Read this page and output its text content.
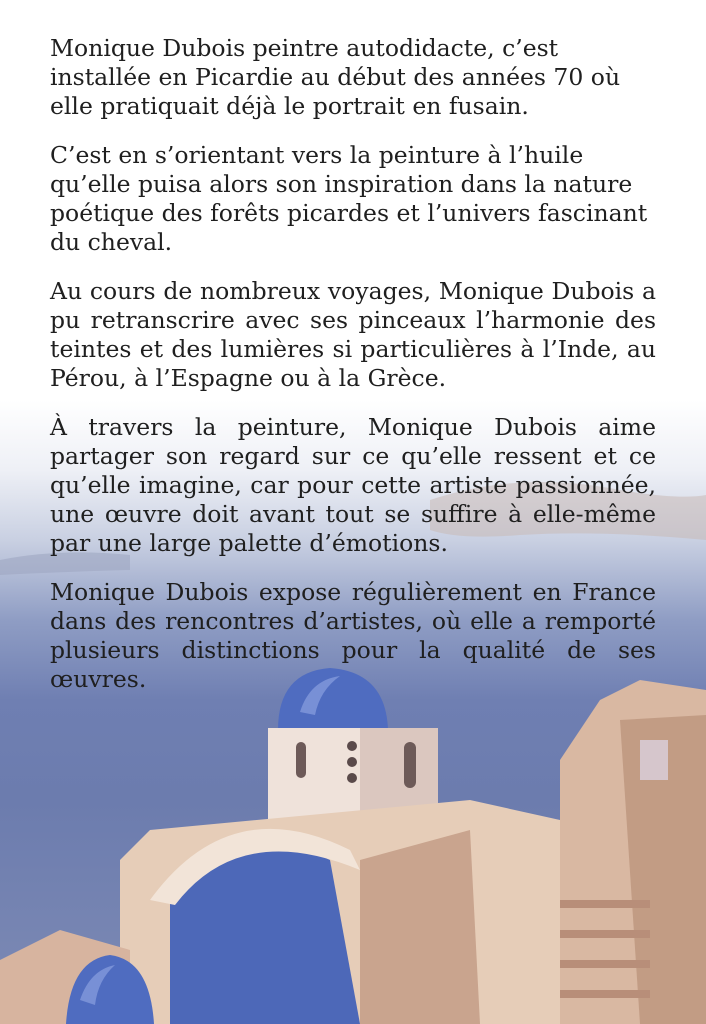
Monique Dubois peintre autodidacte, c’est installée en Picardie au début des années 70 où elle pratiquait déjà le portrait en fusain.

C’est en s’orientant vers la peinture à l’huile qu’elle puisa alors son inspiration dans la nature poétique des forêts picardes et l’univers fascinant du cheval.

Au cours de nombreux voyages, Monique Dubois a pu retranscrire avec ses pinceaux l’harmonie des teintes et des lumières si particulières à l’Inde, au Pérou, à l’Espagne ou à la Grèce.

À travers la peinture, Monique Dubois aime partager son regard sur ce qu’elle ressent et ce qu’elle imagine, car pour cette artiste passionnée, une œuvre doit avant tout se suffire à elle-même par une large palette d’émotions.

Monique Dubois expose régulièrement en France dans des rencontres d’artistes, où elle a remporté plusieurs distinctions pour la qualité de ses œuvres.
